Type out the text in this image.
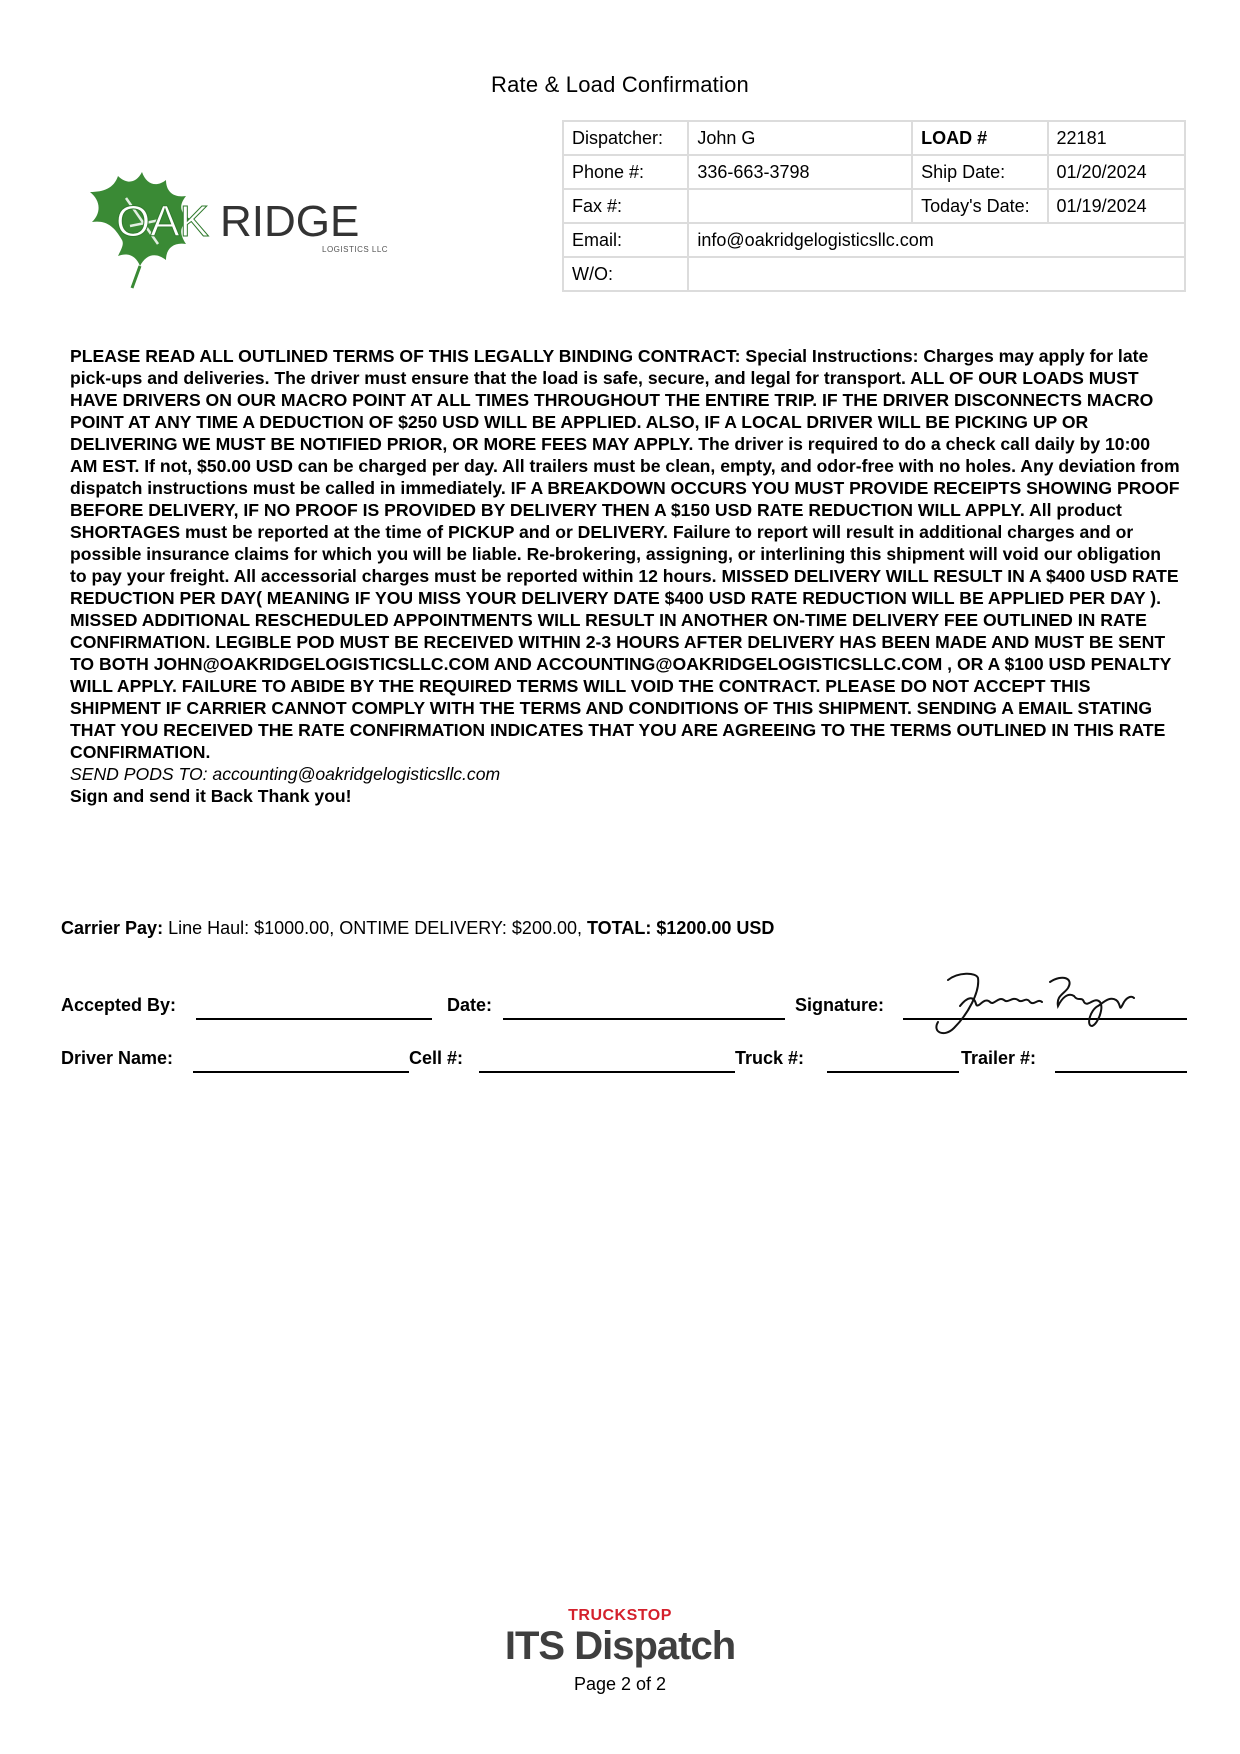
Rate & Load Confirmation
OAK RIDGE
LOGISTICS LLC
Dispatcher:	John G	LOAD #	22181
Phone #:	336-663-3798	Ship Date:	01/20/2024
Fax #:		Today's Date:	01/19/2024
Email:	info@oakridgelogisticsllc.com		
W/O:			

PLEASE READ ALL OUTLINED TERMS OF THIS LEGALLY BINDING CONTRACT: Special Instructions: Charges may apply for late pick-ups and deliveries. The driver must ensure that the load is safe, secure, and legal for transport. ALL OF OUR LOADS MUST HAVE DRIVERS ON OUR MACRO POINT AT ALL TIMES THROUGHOUT THE ENTIRE TRIP. IF THE DRIVER DISCONNECTS MACRO POINT AT ANY TIME A DEDUCTION OF $250 USD WILL BE APPLIED. ALSO, IF A LOCAL DRIVER WILL BE PICKING UP OR DELIVERING WE MUST BE NOTIFIED PRIOR, OR MORE FEES MAY APPLY. The driver is required to do a check call daily by 10:00 AM EST. If not, $50.00 USD can be charged per day. All trailers must be clean, empty, and odor-free with no holes. Any deviation from dispatch instructions must be called in immediately. IF A BREAKDOWN OCCURS YOU MUST PROVIDE RECEIPTS SHOWING PROOF BEFORE DELIVERY, IF NO PROOF IS PROVIDED BY DELIVERY THEN A $150 USD RATE REDUCTION WILL APPLY. All product SHORTAGES must be reported at the time of PICKUP and or DELIVERY. Failure to report will result in additional charges and or possible insurance claims for which you will be liable. Re-brokering, assigning, or interlining this shipment will void our obligation to pay your freight. All accessorial charges must be reported within 12 hours. MISSED DELIVERY WILL RESULT IN A $400 USD RATE REDUCTION PER DAY( MEANING IF YOU MISS YOUR DELIVERY DATE $400 USD RATE REDUCTION WILL BE APPLIED PER DAY ). MISSED ADDITIONAL RESCHEDULED APPOINTMENTS WILL RESULT IN ANOTHER ON-TIME DELIVERY FEE OUTLINED IN RATE CONFIRMATION. LEGIBLE POD MUST BE RECEIVED WITHIN 2-3 HOURS AFTER DELIVERY HAS BEEN MADE AND MUST BE SENT TO BOTH JOHN@OAKRIDGELOGISTICSLLC.COM AND ACCOUNTING@OAKRIDGELOGISTICSLLC.COM , OR A $100 USD PENALTY WILL APPLY. FAILURE TO ABIDE BY THE REQUIRED TERMS WILL VOID THE CONTRACT. PLEASE DO NOT ACCEPT THIS SHIPMENT IF CARRIER CANNOT COMPLY WITH THE TERMS AND CONDITIONS OF THIS SHIPMENT. SENDING A EMAIL STATING THAT YOU RECEIVED THE RATE CONFIRMATION INDICATES THAT YOU ARE AGREEING TO THE TERMS OUTLINED IN THIS RATE CONFIRMATION.

SEND PODS TO: accounting@oakridgelogisticsllc.com

Sign and send it Back Thank you!

Carrier Pay: Line Haul: $1000.00, ONTIME DELIVERY: $200.00, TOTAL: $1200.00 USD
Accepted By:	Date:	Signature:
Driver Name:	Cell #:	Truck #:	Trailer #:
TRUCKSTOP
ITS Dispatch
Page 2 of 2
